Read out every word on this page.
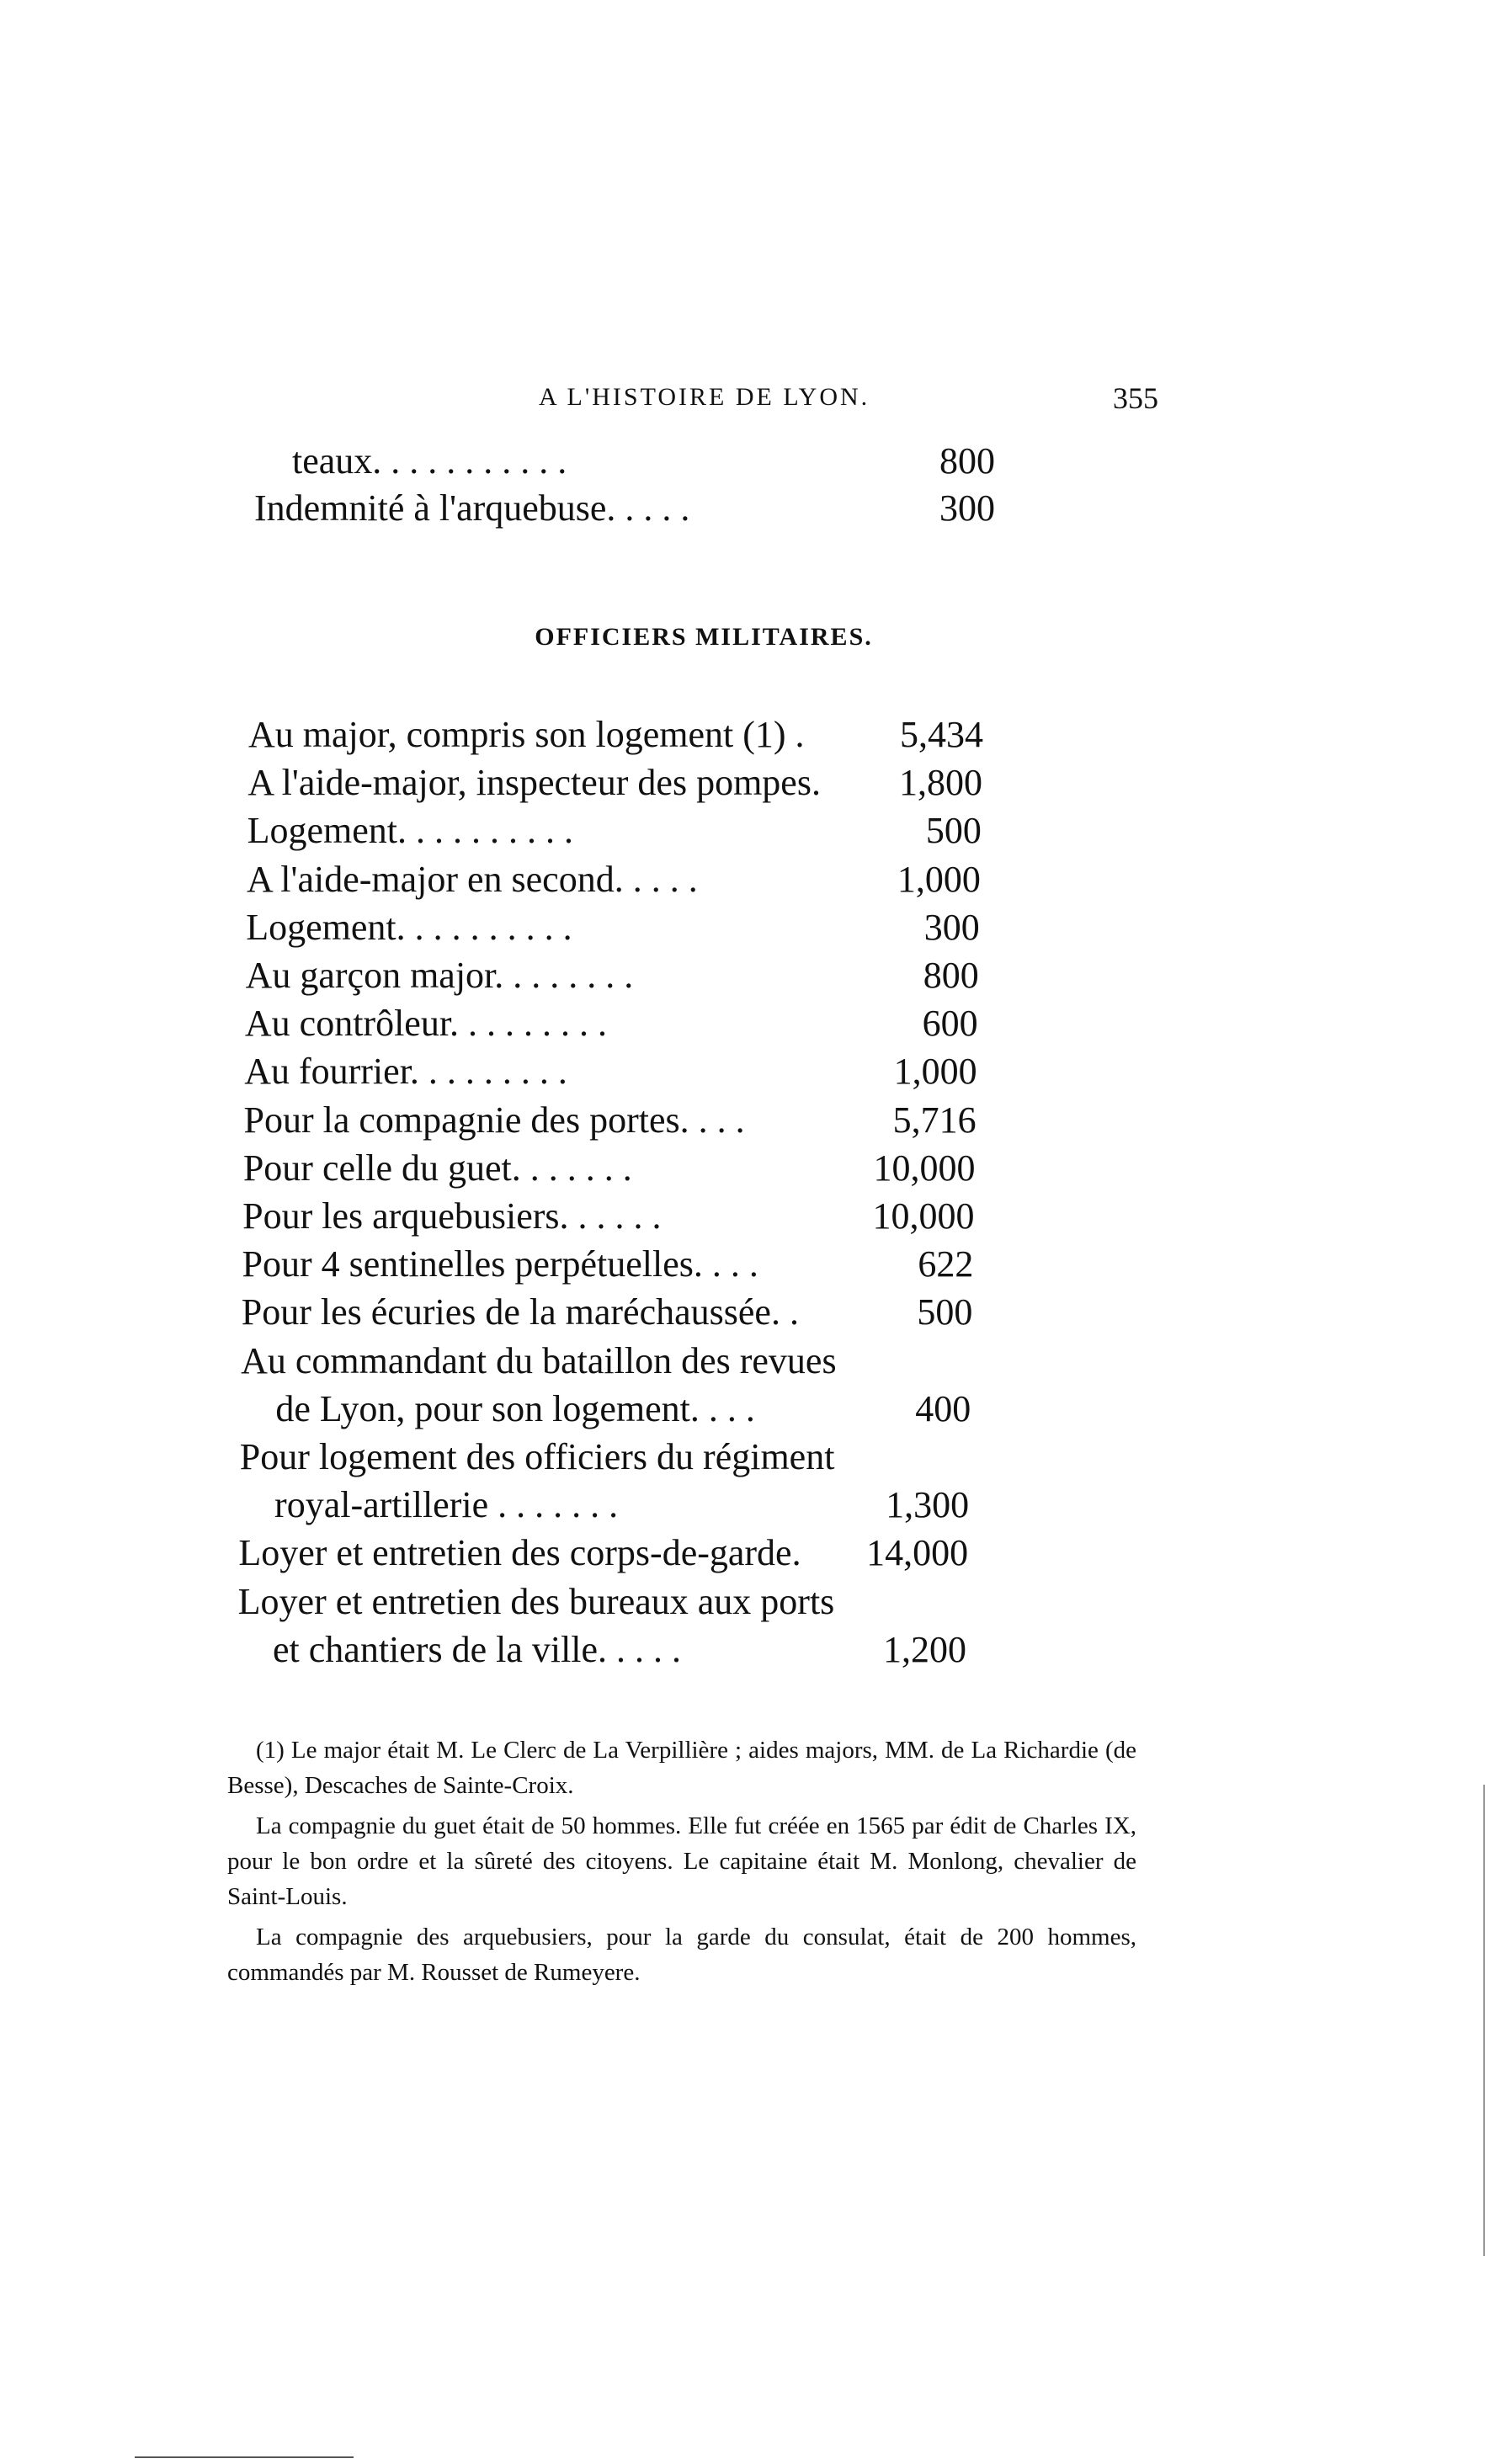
A L'HISTOIRE DE LYON.	355
teaux. . . . . . . . . . .	800
Indemnité à l'arquebuse. . . . .	300
OFFICIERS MILITAIRES.
Au major, compris son logement (1) .	5,434
A l'aide-major, inspecteur des pompes.	1,800
Logement. . . . . . . . . .	500
A l'aide-major en second. . . . .	1,000
Logement. . . . . . . . . .	300
Au garçon major. . . . . . . .	800
Au contrôleur. . . . . . . . .	600
Au fourrier. . . . . . . . .	1,000
Pour la compagnie des portes. . . .	5,716
Pour celle du guet. . . . . . .	10,000
Pour les arquebusiers. . . . . .	10,000
Pour 4 sentinelles perpétuelles. . . .	622
Pour les écuries de la maréchaussée. .	500
Au commandant du bataillon des revues
de Lyon, pour son logement. . . .	400
Pour logement des officiers du régiment
royal-artillerie . . . . . . .	1,300
Loyer et entretien des corps-de-garde.	14,000
Loyer et entretien des bureaux aux ports
et chantiers de la ville. . . . .	1,200

(1) Le major était M. Le Clerc de La Verpillière ; aides majors, MM. de La Richardie (de Besse), Descaches de Sainte-Croix.

La compagnie du guet était de 50 hommes. Elle fut créée en 1565 par édit de Charles IX, pour le bon ordre et la sûreté des citoyens. Le capitaine était M. Monlong, chevalier de Saint-Louis.

La compagnie des arquebusiers, pour la garde du consulat, était de 200 hommes, commandés par M. Rousset de Rumeyere.
